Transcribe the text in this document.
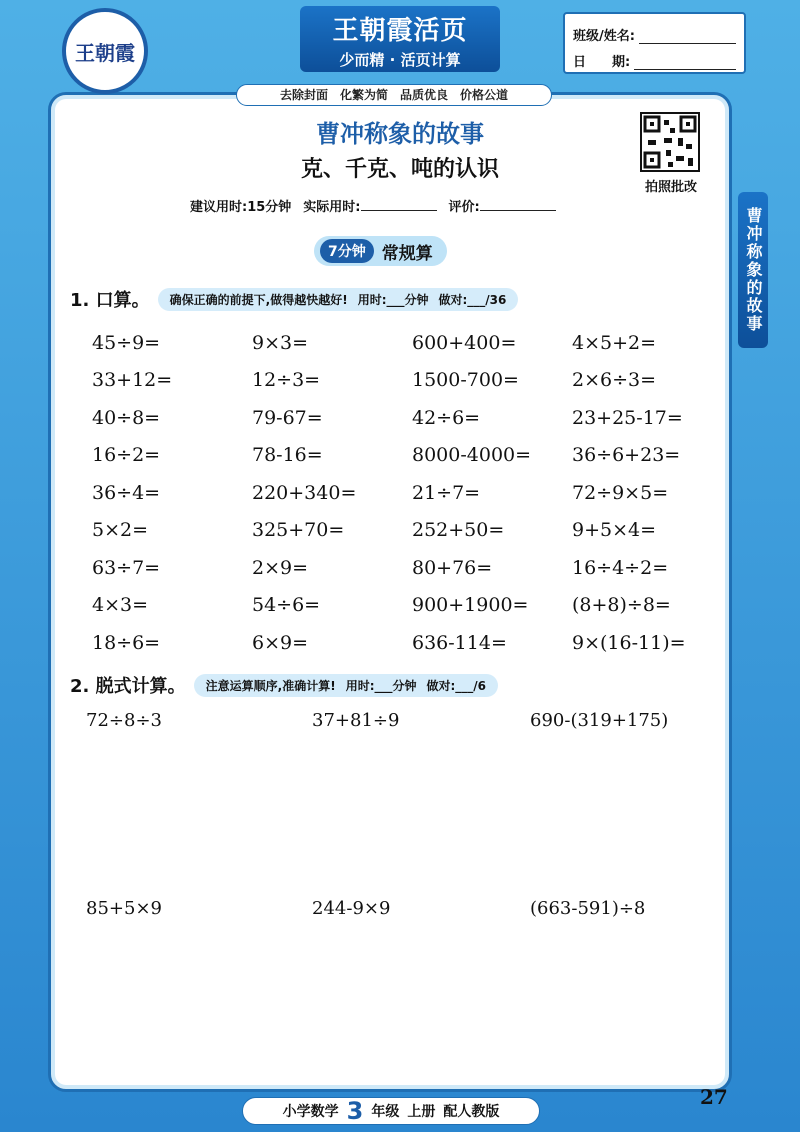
王朝霞
王朝霞活页
少而精 · 活页计算
班级/姓名:
日　　期:
去除封面　化繁为简　品质优良　价格公道
曹冲称象的故事
克、千克、吨的认识
拍照批改
建议用时:15分钟 实际用时:	评价:	曹冲称象的故事
7分钟 常规算
1. 口算。 确保正确的前提下,做得越快越好! 用时:___分钟 做对:___/36
45÷9=	9×3=	600+400=	4×5+2=
33+12=	12÷3=	1500-700=	2×6÷3=
40÷8=	79-67=	42÷6=	23+25-17=
16÷2=	78-16=	8000-4000=	36÷6+23=
36÷4=	220+340=	21÷7=	72÷9×5=
5×2=	325+70=	252+50=	9+5×4=
63÷7=	2×9=	80+76=	16÷4÷2=
4×3=	54÷6=	900+1900=	(8+8)÷8=
18÷6=	6×9=	636-114=	9×(16-11)=
2. 脱式计算。 注意运算顺序,准确计算! 用时:___分钟 做对:___/6
72÷8÷3	37+81÷9	690-(319+175)
85+5×9	244-9×9	(663-591)÷8
小学数学 3 年级 上册 配人教版
27
